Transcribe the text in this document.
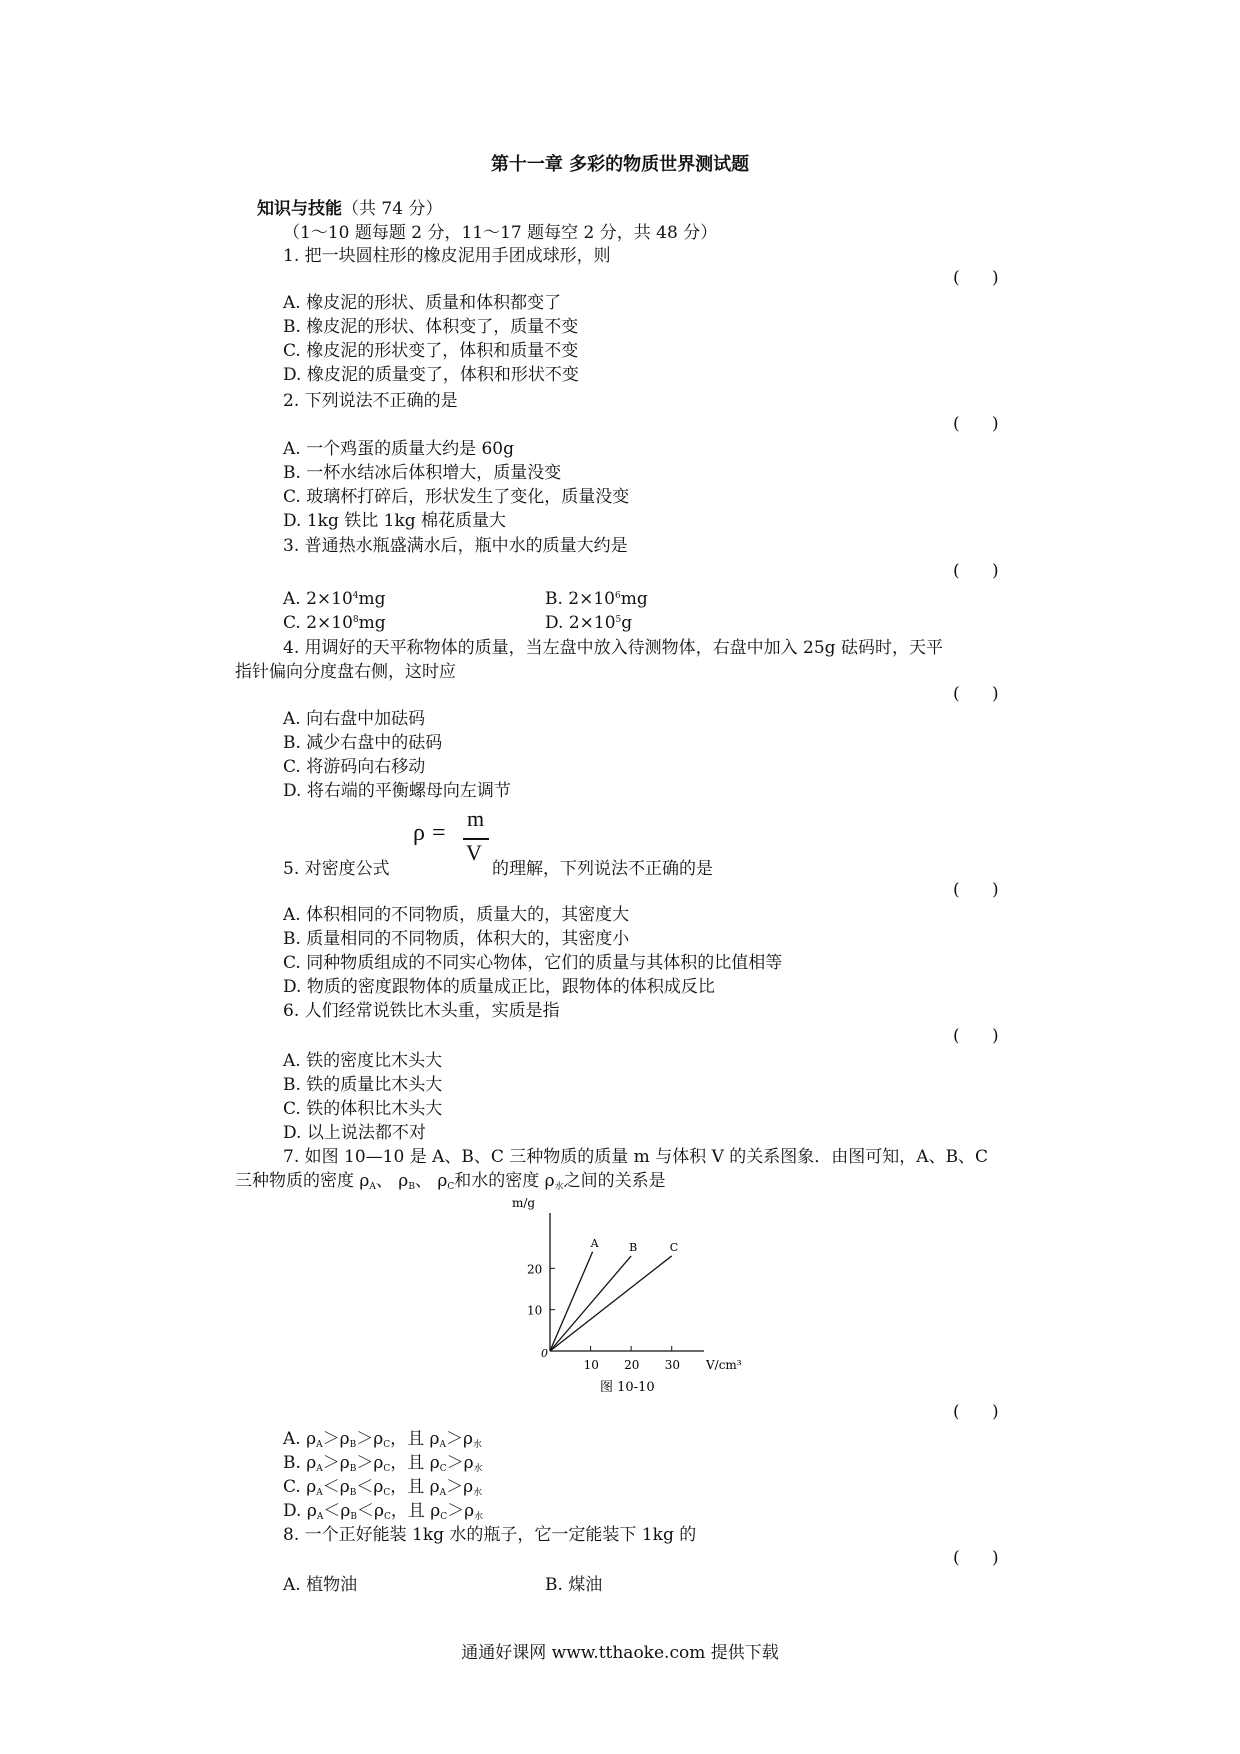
第十一章 多彩的物质世界测试题
知识与技能（共 74 分）
（1～10 题每题 2 分，11～17 题每空 2 分，共 48 分）
1. 把一块圆柱形的橡皮泥用手团成球形，则
(      )
A. 橡皮泥的形状、质量和体积都变了
B. 橡皮泥的形状、体积变了，质量不变
C. 橡皮泥的形状变了，体积和质量不变
D. 橡皮泥的质量变了，体积和形状不变
2. 下列说法不正确的是
(      )
A. 一个鸡蛋的质量大约是 60g
B. 一杯水结冰后体积增大，质量没变
C. 玻璃杯打碎后，形状发生了变化，质量没变
D. 1kg 铁比 1kg 棉花质量大
3. 普通热水瓶盛满水后，瓶中水的质量大约是
(      )
A. $2\times 10^4mg$	B. $2\times 10^6mg$
C. $2\times 10^8mg$	D. $2\times 10^5g$
4. 用调好的天平称物体的质量，当左盘中放入待测物体，右盘中加入 25g 砝码时，天平
指针偏向分度盘右侧，这时应
(      )
A. 向右盘中加砝码
B. 减少右盘中的砝码
C. 将游码向右移动
D. 将右端的平衡螺母向左调节
5. 对密度公式
ρ =
m
V
的理解，下列说法不正确的是
(      )
A. 体积相同的不同物质，质量大的，其密度大
B. 质量相同的不同物质，体积大的，其密度小
C. 同种物质组成的不同实心物体，它们的质量与其体积的比值相等
D. 物质的密度跟物体的质量成正比，跟物体的体积成反比
6. 人们经常说铁比木头重，实质是指
(      )
A. 铁的密度比木头大
B. 铁的质量比木头大
C. 铁的体积比木头大
D. 以上说法都不对
7. 如图 10—10 是 A、B、C 三种物质的质量 m 与体积 V 的关系图象．由图可知，A、B、C
三种物质的密度 $\rho_A$、 $\rho_B$、 $\rho_C$和水的密度 $\rho_水$之间的关系是
m/g
V/cm³
0
10 20 30
10
20
A	B	C
图 10-10
(      )
A. $\rho_A>\rho_B>\rho_C$，且 $\rho_A>\rho_水$
B. $\rho_A>\rho_B>\rho_C$，且 $\rho_C>\rho_水$
C. $\rho_A<\rho_B<\rho_C$，且 $\rho_A>\rho_水$
D. $\rho_A<\rho_B<\rho_C$，且 $\rho_C>\rho_水$
8. 一个正好能装 1kg 水的瓶子，它一定能装下 1kg 的
(      )
A. 植物油	B. 煤油
通通好课网 www.tthaoke.com 提供下载
